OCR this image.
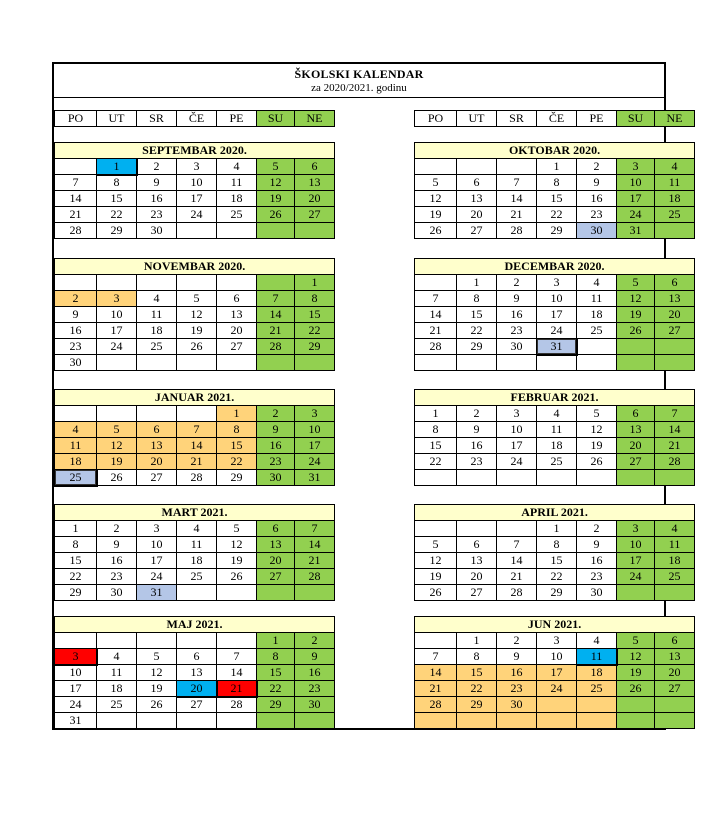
ŠKOLSKI KALENDAR
za 2020/2021. godinu
PO	UT	SR	ČE	PE	SU	NE	PO	UT	SR	ČE	PE	SU	NE
SEPTEMBAR 2020.						
	1	2	3	4	5	6
7	8	9	10	11	12	13
14	15	16	17	18	19	20
21	22	23	24	25	26	27
28	29	30				
OKTOBAR 2020.						
			1	2	3	4
5	6	7	8	9	10	11
12	13	14	15	16	17	18
19	20	21	22	23	24	25
26	27	28	29	30	31	
NOVEMBAR 2020.						
						1
2	3	4	5	6	7	8
9	10	11	12	13	14	15
16	17	18	19	20	21	22
23	24	25	26	27	28	29
30						
DECEMBAR 2020.						
	1	2	3	4	5	6
7	8	9	10	11	12	13
14	15	16	17	18	19	20
21	22	23	24	25	26	27
28	29	30	31			

JANUAR 2021.						
				1	2	3
4	5	6	7	8	9	10
11	12	13	14	15	16	17
18	19	20	21	22	23	24
25	26	27	28	29	30	31
FEBRUAR 2021.						
1	2	3	4	5	6	7
8	9	10	11	12	13	14
15	16	17	18	19	20	21
22	23	24	25	26	27	28

MART 2021.						
1	2	3	4	5	6	7
8	9	10	11	12	13	14
15	16	17	18	19	20	21
22	23	24	25	26	27	28
29	30	31				
APRIL 2021.						
			1	2	3	4
5	6	7	8	9	10	11
12	13	14	15	16	17	18
19	20	21	22	23	24	25
26	27	28	29	30		
MAJ 2021.						
					1	2
3	4	5	6	7	8	9
10	11	12	13	14	15	16
17	18	19	20	21	22	23
24	25	26	27	28	29	30
31						
JUN 2021.						
	1	2	3	4	5	6
7	8	9	10	11	12	13
14	15	16	17	18	19	20
21	22	23	24	25	26	27
28	29	30				
